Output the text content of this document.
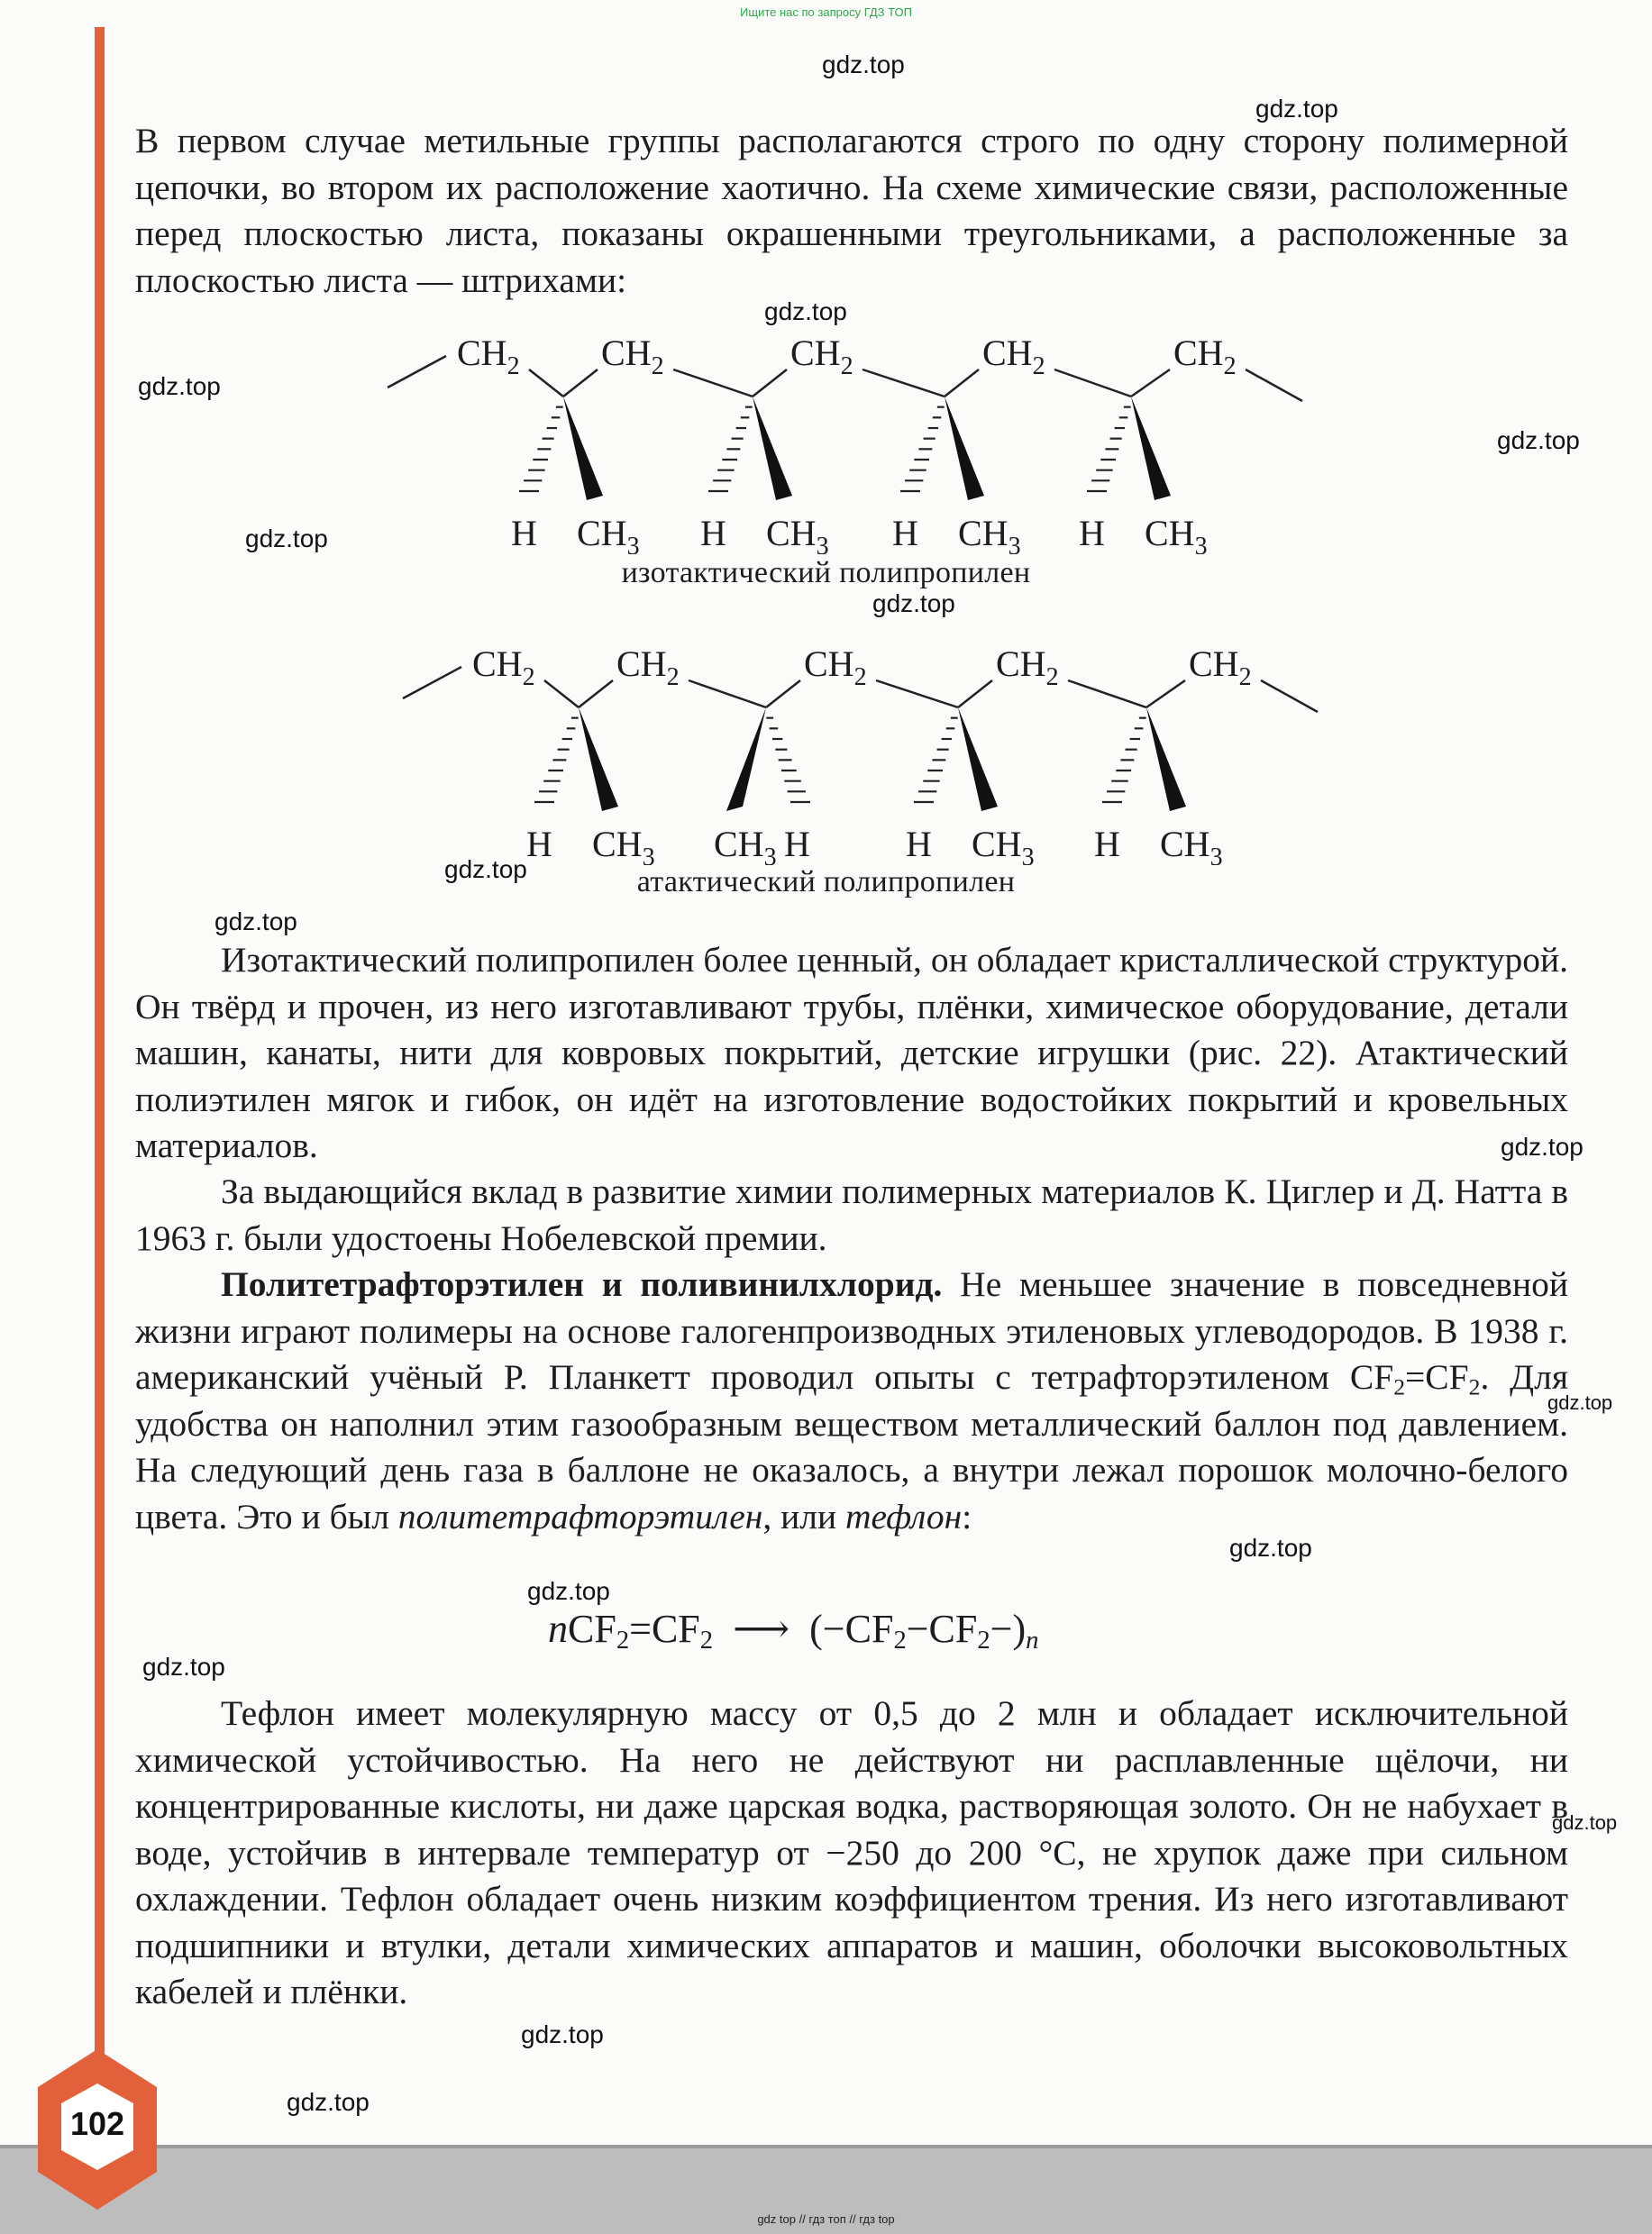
Ищите нас по запросу ГДЗ ТОП

В первом случае метильные группы располагаются строго по одну сторону полимерной цепочки, во втором их расположение хаотично. На схеме химические связи, расположенные перед плоскостью листа, показаны окрашенными треугольниками, а расположенные за плоскостью листа — штрихами:

$CH_2$ $CH_2$	$CH_2$	$CH_2$	$CH_2$
H $CH_3$ H $CH_3$ H $CH_3$ H $CH_3$
изотактический полипропилен
$CH_2$ $CH_2$	$CH_2$	$CH_2$	$CH_2$
H $CH_3$ $CH_3$ H	H $CH_3$ H $CH_3$
атактический полипропилен

Изотактический полипропилен более ценный, он обладает кристаллической структурой. Он твёрд и прочен, из него изготавливают трубы, плёнки, химическое оборудование, детали машин, канаты, нити для ковровых покрытий, детские игрушки (рис. 22). Атактический полиэтилен мягок и гибок, он идёт на изготовление водостойких покрытий и кровельных материалов.

За выдающийся вклад в развитие химии полимерных материалов К. Циглер и Д. Натта в 1963 г. были удостоены Нобелевской премии.

Политетрафторэтилен и поливинилхлорид. Не меньшее значение в повседневной жизни играют полимеры на основе галогенпроизводных этиленовых углеводородов. В 1938 г. американский учёный Р. Планкетт проводил опыты с тетрафторэтиленом $CF_2=CF_2$. Для удобства он наполнил этим газообразным веществом металлический баллон под давлением. На следующий день газа в баллоне не оказалось, а внутри лежал порошок молочно-белого цвета. Это и был политетрафторэтилен, или тефлон:

$nCF_2=CF_2$ ⟶ $(-CF_2-CF_2-)_n$

Тефлон имеет молекулярную массу от 0,5 до 2 млн и обладает исключительной химической устойчивостью. На него не действуют ни расплавленные щёлочи, ни концентрированные кислоты, ни даже царская водка, растворяющая золото. Он не набухает в воде, устойчив в интервале температур от −250 до 200 °С, не хрупок даже при сильном охлаждении. Тефлон обладает очень низким коэффициентом трения. Из него изготавливают подшипники и втулки, детали химических аппаратов и машин, оболочки высоковольтных кабелей и плёнки.

gdz.top
gdz.top
gdz.top
gdz.top
gdz.top
gdz.top
gdz.top
gdz.top
gdz.top
gdz.top
gdz.top
gdz.top
gdz.top
gdz.top
gdz.top
gdz.top
gdz.top
102
gdz top // гдз топ // гдз top
